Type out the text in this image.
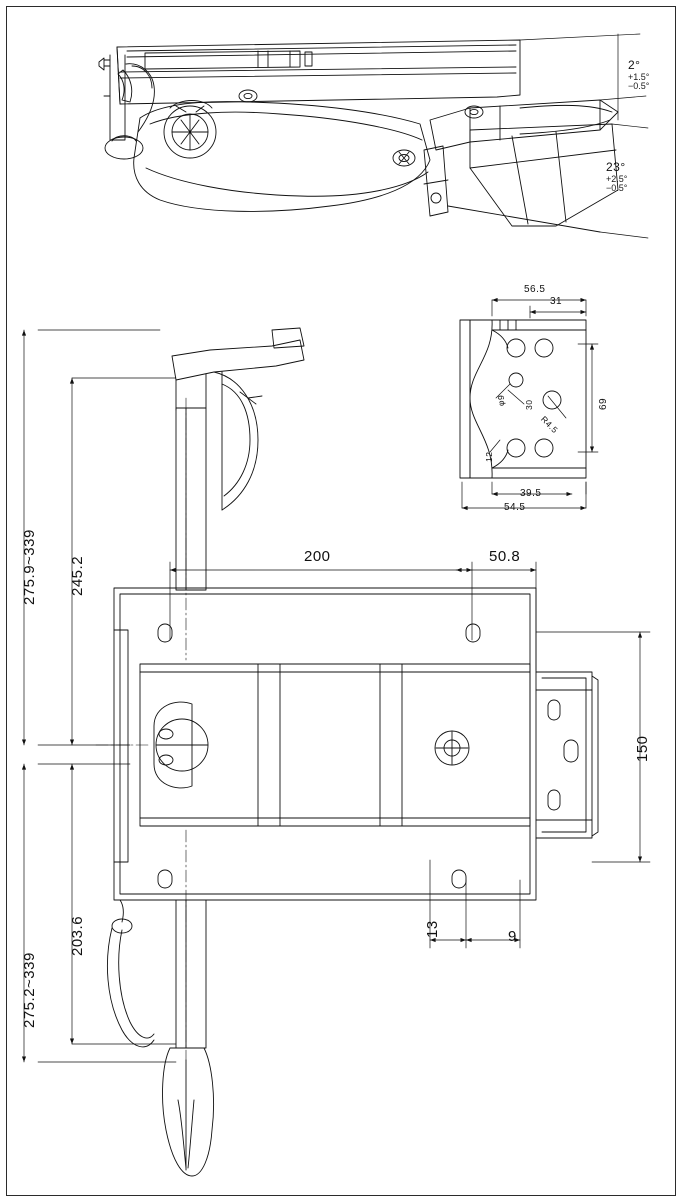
2°
+1.5°
−0.5°
23°
+2.5°
−0.5°
56.5
31
69
30
φ9
12
R4.5
39.5
54.5
200	50.8
150
13	9
275.9~339 245.2
203.6
275.2~339
